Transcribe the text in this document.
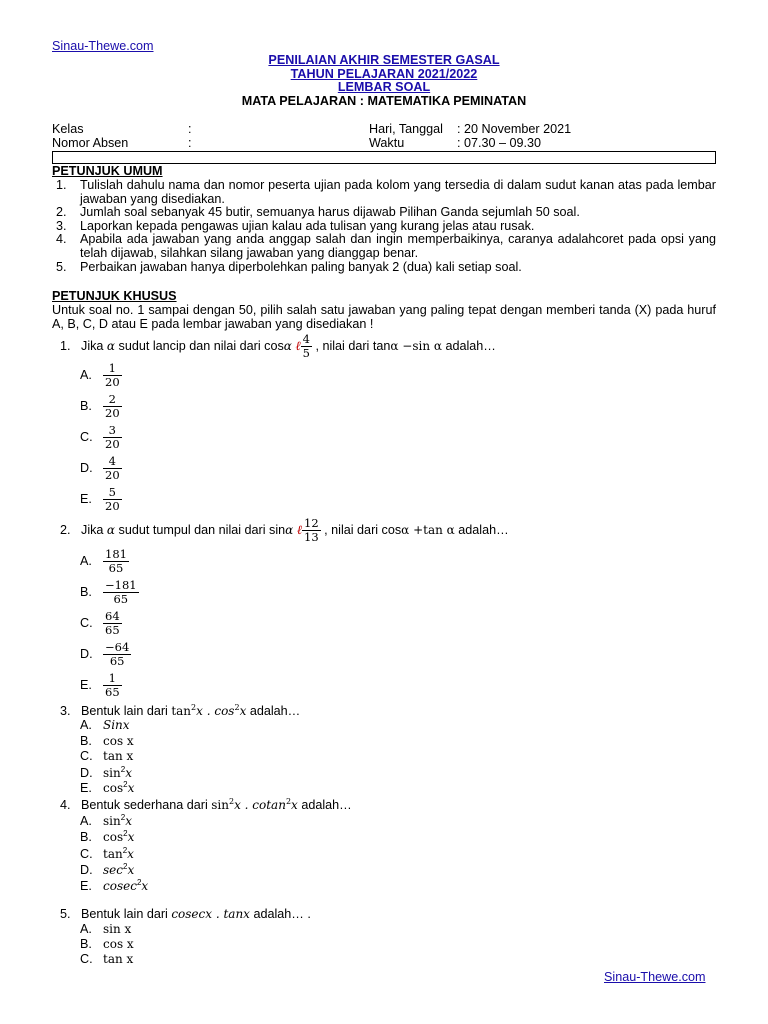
Sinau-Thewe.com
PENILAIAN AKHIR SEMESTER GASAL
TAHUN PELAJARAN 2021/2022
LEMBAR SOAL
MATA PELAJARAN : MATEMATIKA PEMINATAN
Kelas	:
Nomor Absen	:
Hari, Tanggal : 20 November 2021
Waktu	: 07.30 – 09.30
PETUNJUK UMUM
1. Tulislah dahulu nama dan nomor peserta ujian pada kolom yang tersedia di dalam sudut kanan atas pada lembar jawaban yang disediakan.
2. Jumlah soal sebanyak 45 butir, semuanya harus dijawab Pilihan Ganda sejumlah 50 soal.
3. Laporkan kepada pengawas ujian kalau ada tulisan yang kurang jelas atau rusak.
4. Apabila ada jawaban yang anda anggap salah dan ingin memperbaikinya, caranya adalahcoret pada opsi yang telah dijawab, silahkan silang jawaban yang dianggap benar.
5. Perbaikan jawaban hanya diperbolehkan paling banyak 2 (dua) kali setiap soal.
PETUNJUK KHUSUS
Untuk soal no. 1 sampai dengan 50, pilih salah satu jawaban yang paling tepat dengan memberi tanda (X) pada huruf A, B, C, D atau E pada lembar jawaban yang disediakan !
1. Jika α sudut lancip dan nilai dari cosα ℓ $\frac{4}{5}$ , nilai dari tanα −sin α adalah…
A. $\frac{1}{20}$
B. $\frac{2}{20}$
C. $\frac{3}{20}$
D. $\frac{4}{20}$
E. $\frac{5}{20}$
2. Jika α sudut tumpul dan nilai dari sinα ℓ $\frac{12}{13}$ , nilai dari cosα +tan α adalah…
A. $\frac{181}{65}$
B. $\frac{-181}{65}$
C. $\frac{64}{65}$
D. $\frac{-64}{65}$
E. $\frac{1}{65}$
3. Bentuk lain dari $\tan^2x$ . $\cos^2x$ adalah…
A. Sinx
B. cos x
C. tan x
D. $\sin^2x$
E. $\cos^2x$
4. Bentuk sederhana dari $\sin^2x$ . cotan$^2$x adalah…
A. $\sin^2x$
B. $\cos^2x$
C. $\tan^2x$
D. $\sec^2x$
E. cosec$^2$x
5. Bentuk lain dari cosecx . tanx adalah… .
A. sin x
B. cos x
C. tan x
Sinau-Thewe.com
